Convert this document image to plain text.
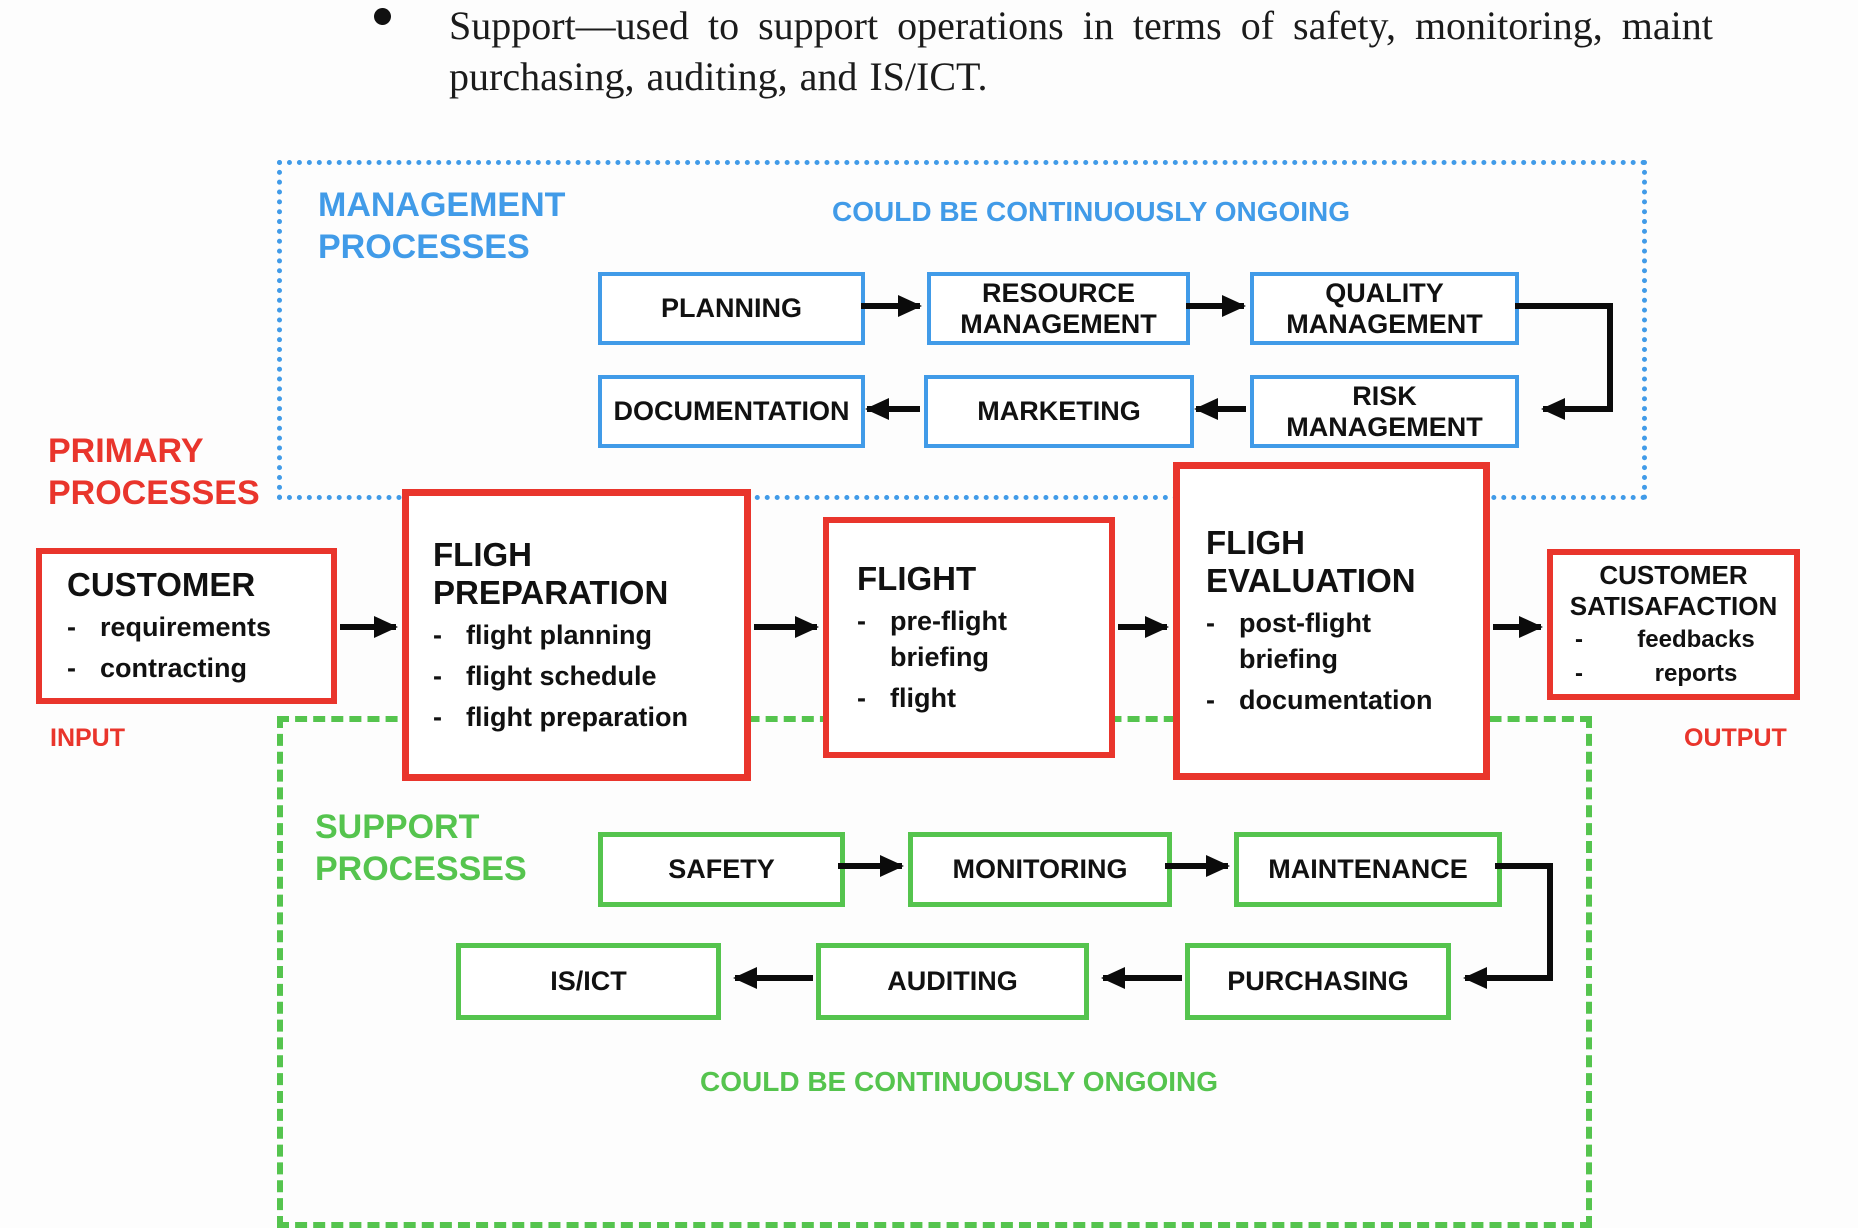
Support—used to support operations in terms of safety, monitoring, maint
purchasing, auditing, and IS/ICT.
MANAGEMENT PROCESSES
COULD BE CONTINUOUSLY ONGOING
PRIMARY PROCESSES
SUPPORT PROCESSES
COULD BE CONTINUOUSLY ONGOING
INPUT	OUTPUT
PLANNING
RESOURCE MANAGEMENT
QUALITY MANAGEMENT
DOCUMENTATION	MARKETING
RISK MANAGEMENT
CUSTOMER
- requirements
- contracting
FLIGH PREPARATION
- flight planning
- flight schedule
- flight preparation
FLIGHT
- pre-flight briefing
- flight
FLIGH EVALUATION
- post-flight briefing
- documentation
CUSTOMER SATISAFACTION
-	feedbacks
-	reports
SAFETY	MONITORING	MAINTENANCE
IS/ICT	AUDITING	PURCHASING
